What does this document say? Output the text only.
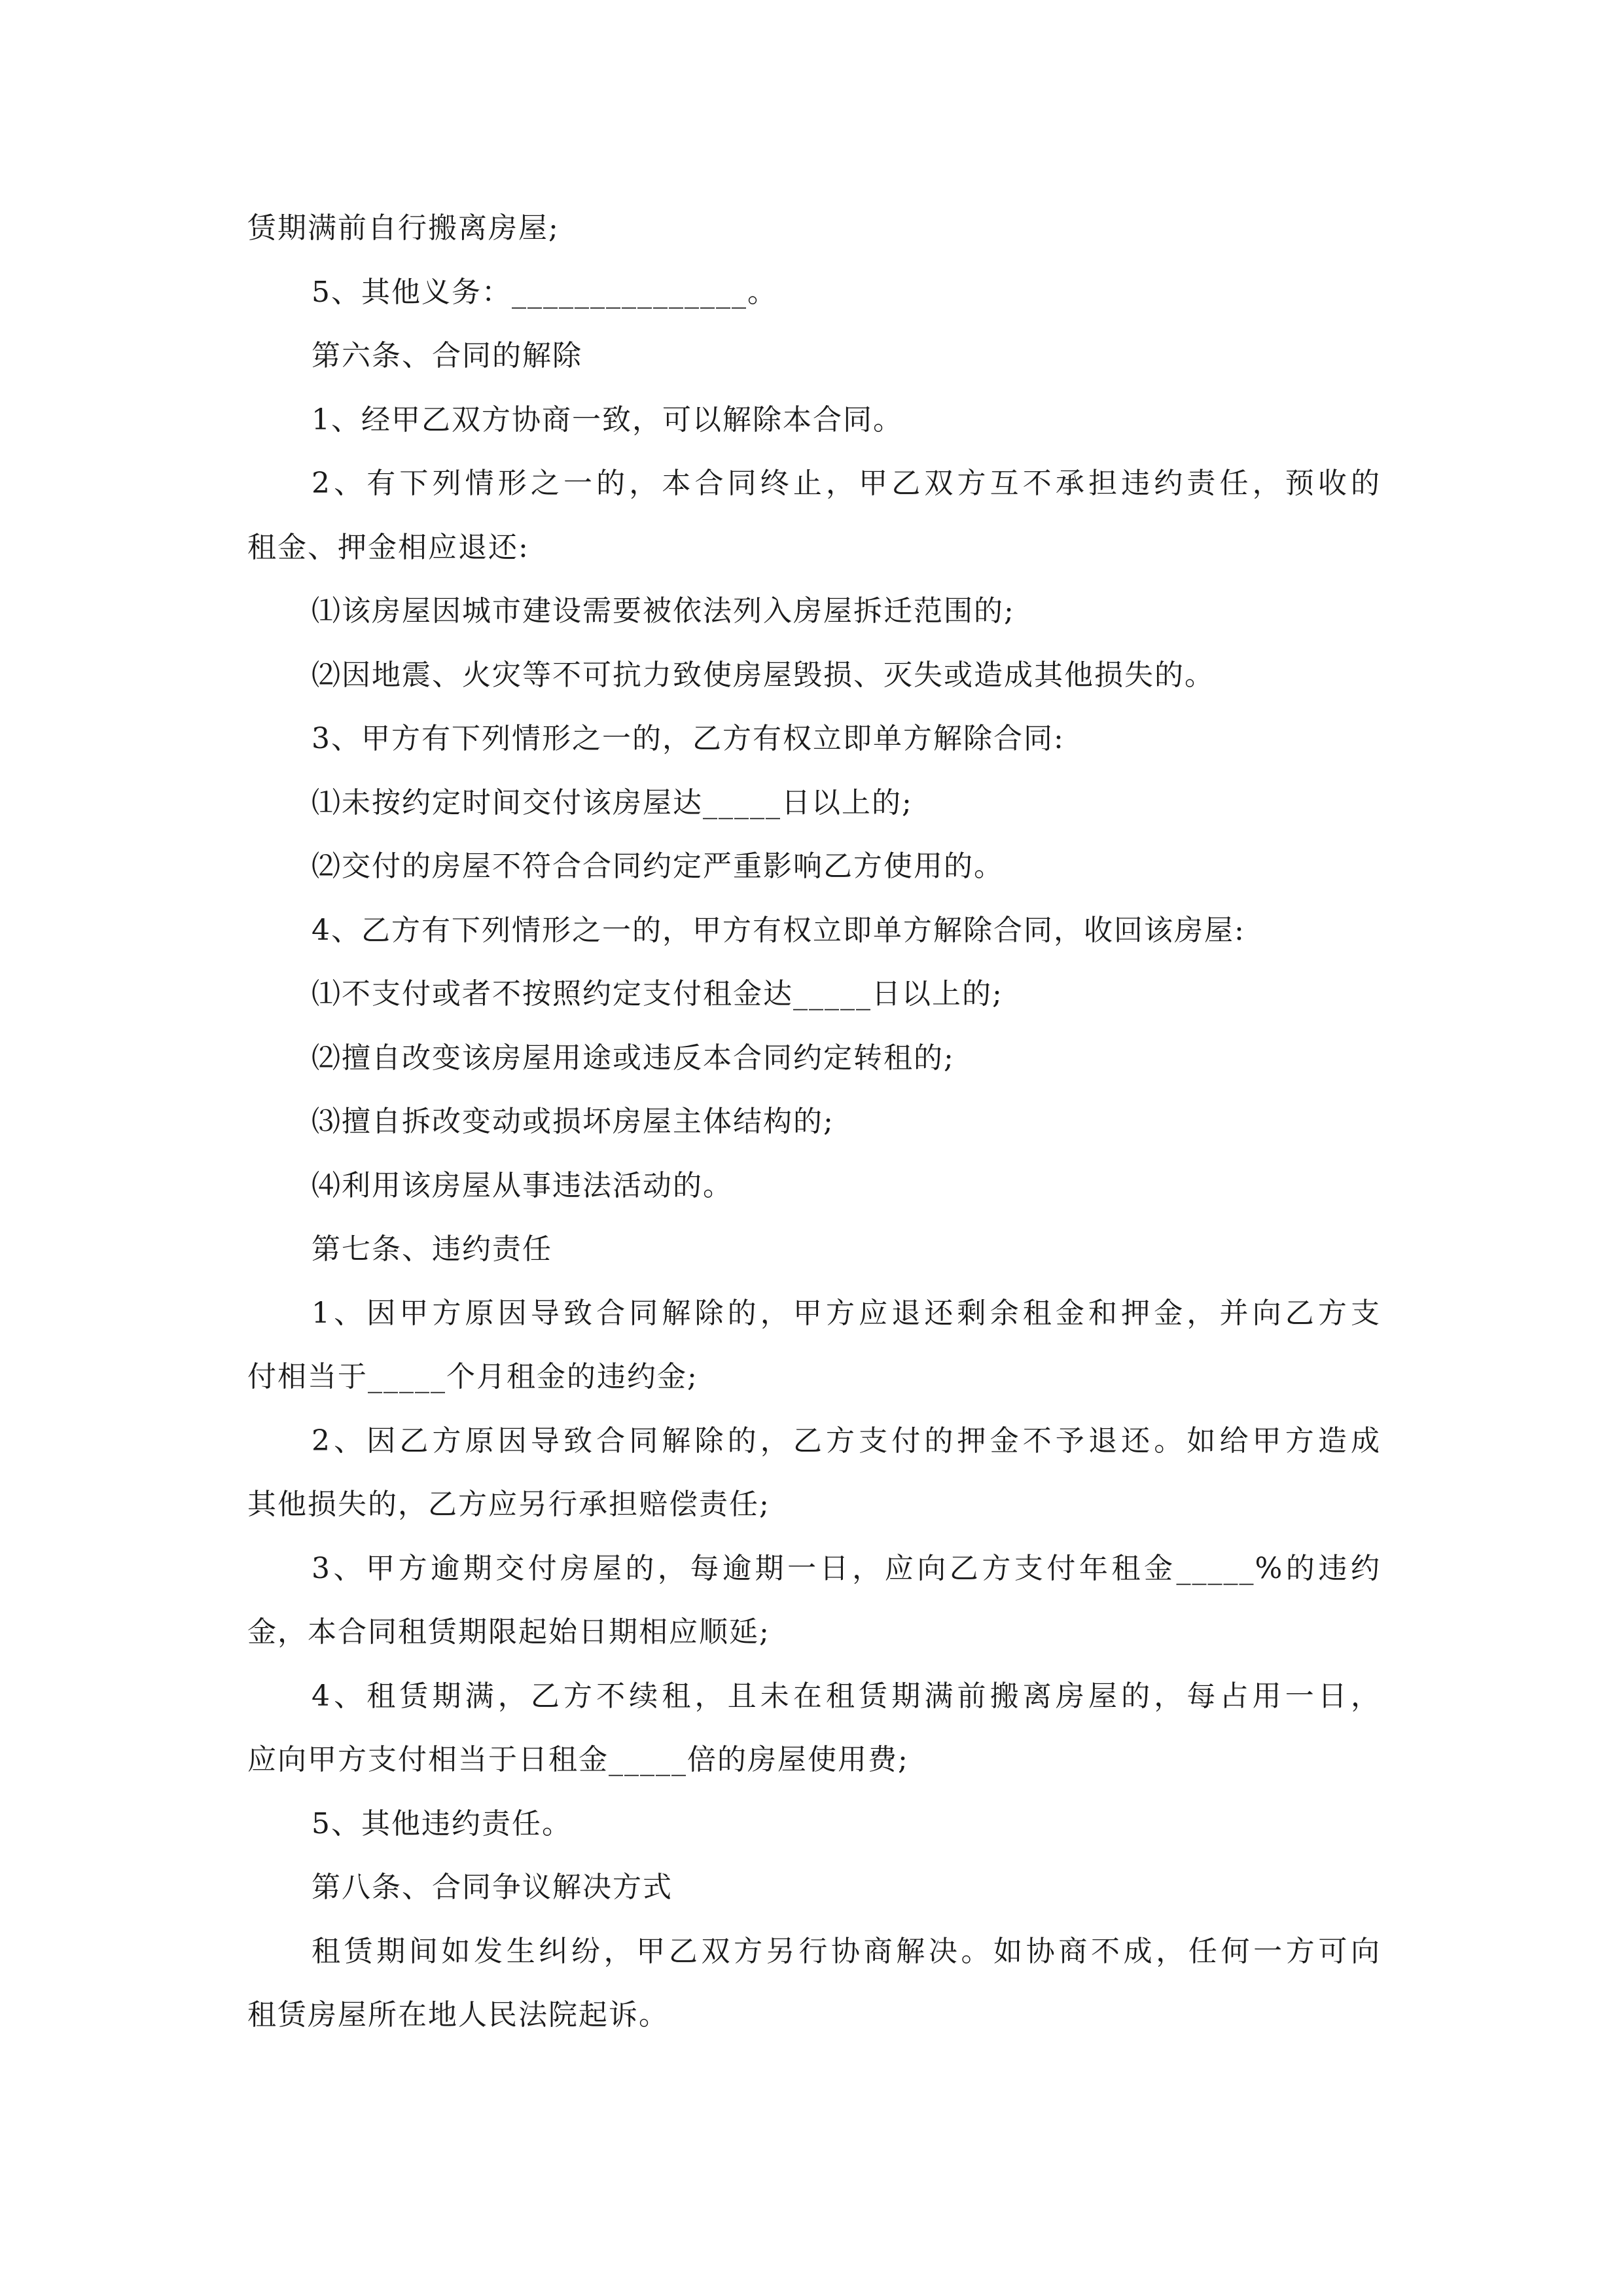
赁期满前自行搬离房屋;
5、其他义务：_______________。
第六条、合同的解除
1、经甲乙双方协商一致，可以解除本合同。
2、有下列情形之一的，本合同终止，甲乙双方互不承担违约责任，预收的
租金、押金相应退还:
⑴该房屋因城市建设需要被依法列入房屋拆迁范围的;
⑵因地震、火灾等不可抗力致使房屋毁损、灭失或造成其他损失的。
3、甲方有下列情形之一的，乙方有权立即单方解除合同:
⑴未按约定时间交付该房屋达_____日以上的;
⑵交付的房屋不符合合同约定严重影响乙方使用的。
4、乙方有下列情形之一的，甲方有权立即单方解除合同，收回该房屋:
⑴不支付或者不按照约定支付租金达_____日以上的;
⑵擅自改变该房屋用途或违反本合同约定转租的;
⑶擅自拆改变动或损坏房屋主体结构的;
⑷利用该房屋从事违法活动的。
第七条、违约责任
1、因甲方原因导致合同解除的，甲方应退还剩余租金和押金，并向乙方支
付相当于_____个月租金的违约金;
2、因乙方原因导致合同解除的，乙方支付的押金不予退还。如给甲方造成
其他损失的，乙方应另行承担赔偿责任;
3、甲方逾期交付房屋的，每逾期一日，应向乙方支付年租金_____%的违约
金，本合同租赁期限起始日期相应顺延;
4、租赁期满，乙方不续租，且未在租赁期满前搬离房屋的，每占用一日，
应向甲方支付相当于日租金_____倍的房屋使用费;
5、其他违约责任。
第八条、合同争议解决方式
租赁期间如发生纠纷，甲乙双方另行协商解决。如协商不成，任何一方可向
租赁房屋所在地人民法院起诉。
